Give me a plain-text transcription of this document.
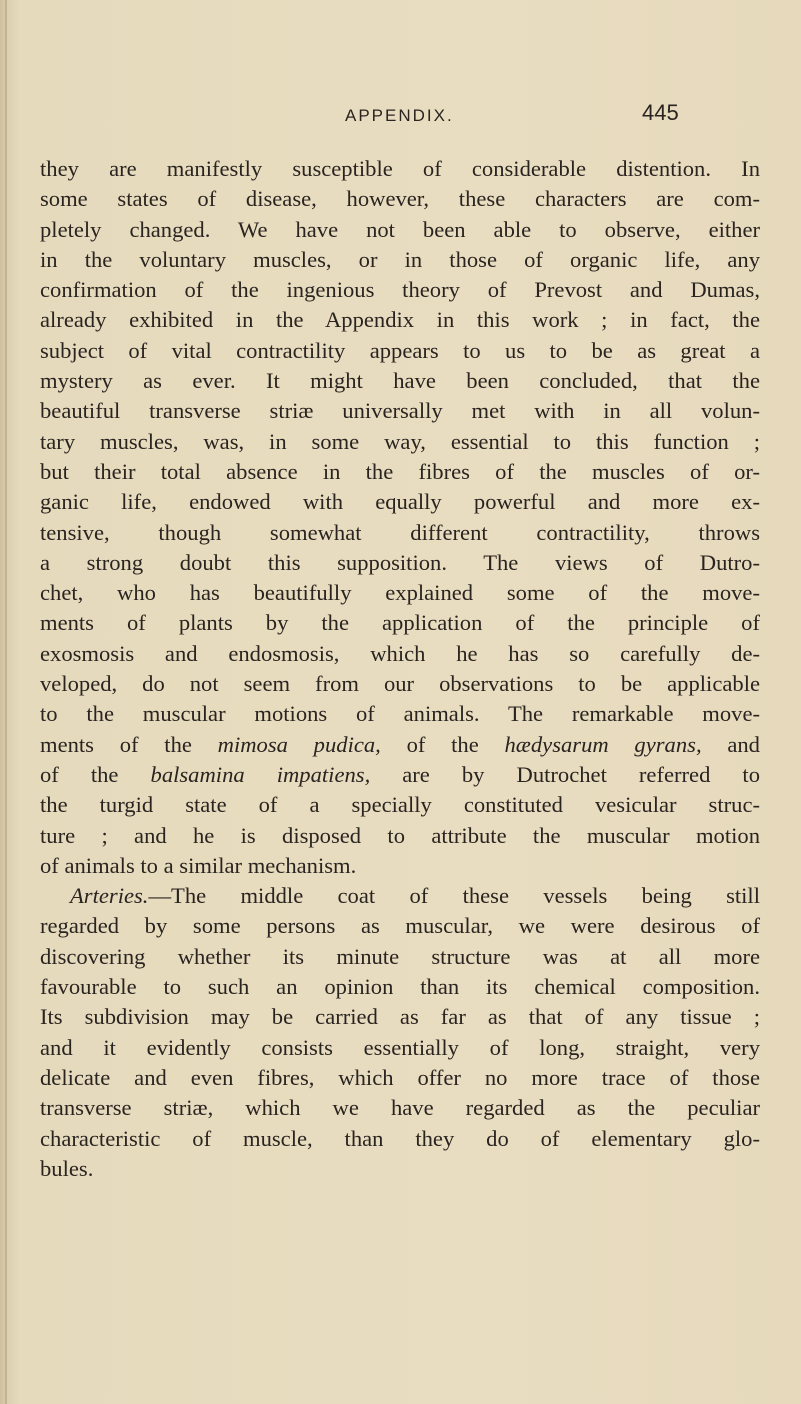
APPENDIX.	445
they are manifestly susceptible of considerable distention. In
some states of disease, however, these characters are com-
pletely changed. We have not been able to observe, either
in the voluntary muscles, or in those of organic life, any
confirmation of the ingenious theory of Prevost and Dumas,
already exhibited in the Appendix in this work ; in fact, the
subject of vital contractility appears to us to be as great a
mystery as ever. It might have been concluded, that the
beautiful transverse striæ universally met with in all volun-
tary muscles, was, in some way, essential to this function ;
but their total absence in the fibres of the muscles of or-
ganic life, endowed with equally powerful and more ex-
tensive, though somewhat different contractility, throws
a strong doubt this supposition. The views of Dutro-
chet, who has beautifully explained some of the move-
ments of plants by the application of the principle of
exosmosis and endosmosis, which he has so carefully de-
veloped, do not seem from our observations to be applicable
to the muscular motions of animals. The remarkable move-
ments of the mimosa pudica, of the hædysarum gyrans, and
of the balsamina impatiens, are by Dutrochet referred to
the turgid state of a specially constituted vesicular struc-
ture ; and he is disposed to attribute the muscular motion
of animals to a similar mechanism.
Arteries.—The middle coat of these vessels being still
regarded by some persons as muscular, we were desirous of
discovering whether its minute structure was at all more
favourable to such an opinion than its chemical composition.
Its subdivision may be carried as far as that of any tissue ;
and it evidently consists essentially of long, straight, very
delicate and even fibres, which offer no more trace of those
transverse striæ, which we have regarded as the peculiar
characteristic of muscle, than they do of elementary glo-
bules.
